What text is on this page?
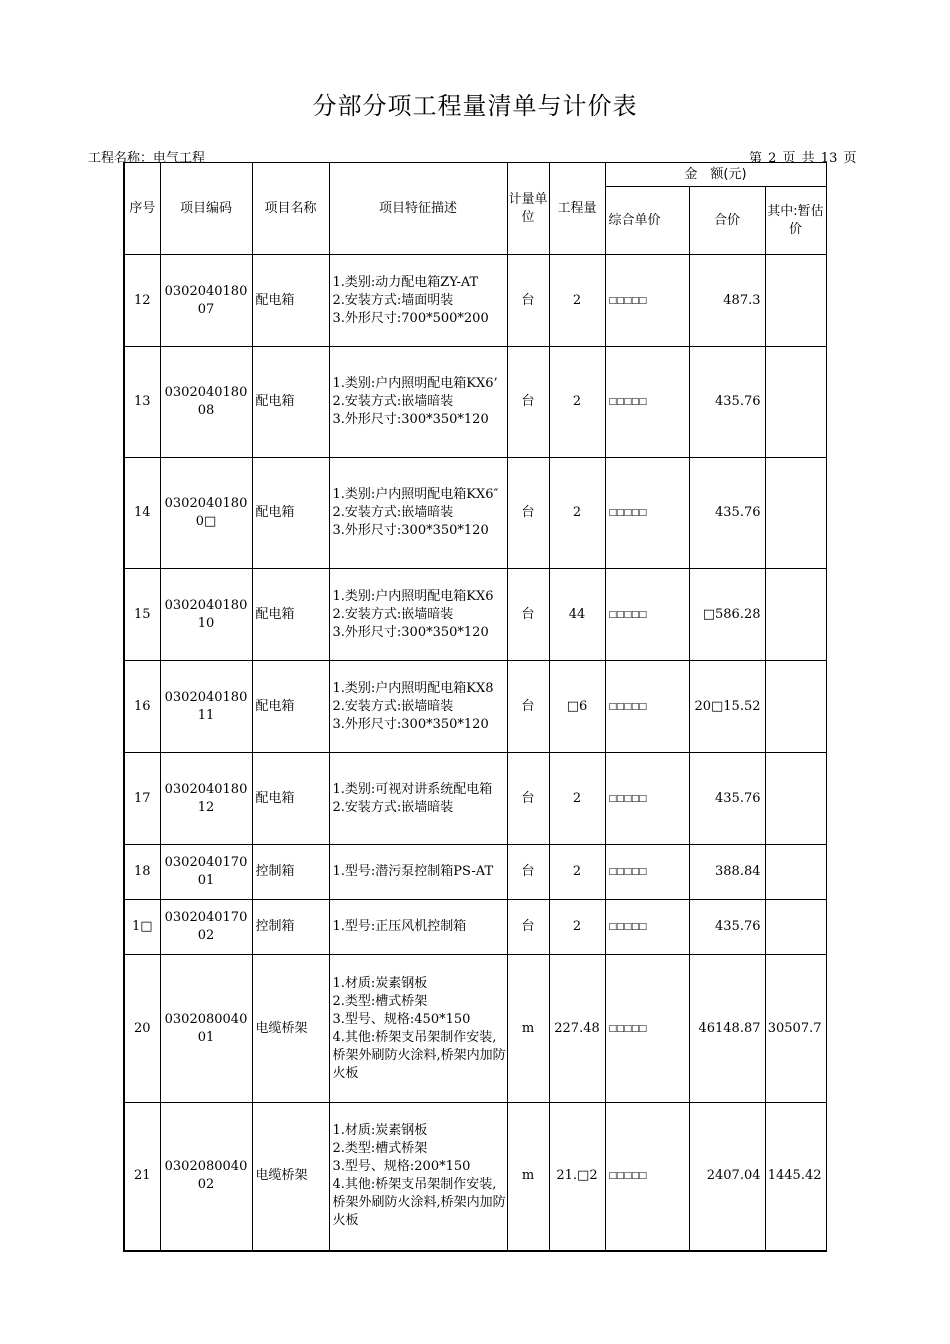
分部分项工程量清单与计价表
工程名称：电气工程	第 2 页 共 13 页
序号	项目编码	项目名称	项目特征描述	计量单位	工程量	金　额(元)		
						综合单价	合价	其中:暂估价
12	030204018007	配电箱	1.类别:动力配电箱ZY-AT
2.安装方式:墙面明装
3.外形尺寸:700*500*200	台	2	□□□□□	487.3	
13	030204018008	配电箱	1.类别:户内照明配电箱KX6’
2.安装方式:嵌墙暗装
3.外形尺寸:300*350*120	台	2	□□□□□	435.76	
14	03020401800□	配电箱	1.类别:户内照明配电箱KX6″
2.安装方式:嵌墙暗装
3.外形尺寸:300*350*120	台	2	□□□□□	435.76	
15	030204018010	配电箱	1.类别:户内照明配电箱KX6
2.安装方式:嵌墙暗装
3.外形尺寸:300*350*120	台	44	□□□□□	□586.28	
16	030204018011	配电箱	1.类别:户内照明配电箱KX8
2.安装方式:嵌墙暗装
3.外形尺寸:300*350*120	台	□6	□□□□□	20□15.52	
17	030204018012	配电箱	1.类别:可视对讲系统配电箱
2.安装方式:嵌墙暗装	台	2	□□□□□	435.76	
18	030204017001	控制箱	1.型号:潜污泵控制箱PS-AT	台	2	□□□□□	388.84	
1□	030204017002	控制箱	1.型号:正压风机控制箱	台	2	□□□□□	435.76	
20	030208004001	电缆桥架	1.材质:炭素钢板
2.类型:槽式桥架
3.型号、规格:450*150
4.其他:桥架支吊架制作安装,桥架外刷防火涂料,桥架内加防火板	m	227.48	□□□□□	46148.87	30507.7
21	030208004002	电缆桥架	1.材质:炭素钢板
2.类型:槽式桥架
3.型号、规格:200*150
4.其他:桥架支吊架制作安装,桥架外刷防火涂料,桥架内加防火板	m	21.□2	□□□□□	2407.04	1445.42
